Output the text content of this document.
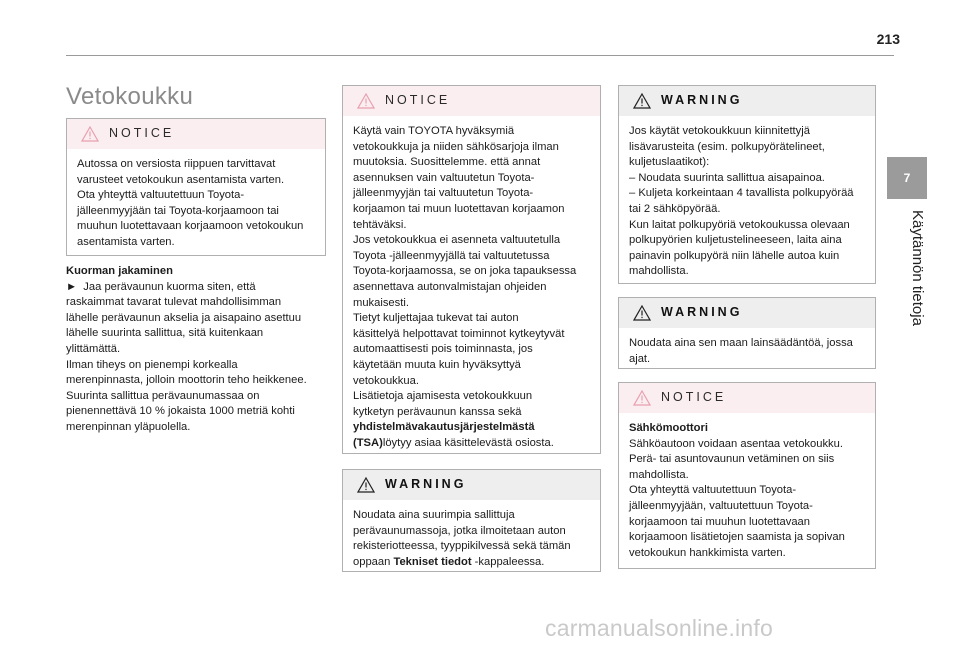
213
7
Käytännön tietoja
Vetokoukku
NOTICE

Autossa on versiosta riippuen tarvittavat

varusteet vetokoukun asentamista varten.

Ota yhteyttä valtuutettuun Toyota-

jälleenmyyjään tai Toyota-korjaamoon tai

muuhun luotettavaan korjaamoon vetokoukun

asentamista varten.

Kuorman jakaminen

► Jaa perävaunun kuorma siten, että

raskaimmat tavarat tulevat mahdollisimman

lähelle perävaunun akselia ja aisapaino asettuu

lähelle suurinta sallittua, sitä kuitenkaan

ylittämättä.

Ilman tiheys on pienempi korkealla

merenpinnastа, jolloin moottorin teho heikkenee.

Suurinta sallittua perävaunumassaa on

pienennettävä 10 % jokaista 1000 metriä kohti

merenpinnan yläpuolella.

NOTICE

Käytä vain TOYOTA hyväksymiä

vetokoukkuja ja niiden sähkösarjoja ilman

muutoksia. Suosittelemme. että annat

asennuksen vain valtuutetun Toyota-

jälleenmyyjän tai valtuutetun Toyota-

korjaamon tai muun luotettavan korjaamon

tehtäväksi.

Jos vetokoukkua ei asenneta valtuutetulla

Toyota -jälleenmyyjällä tai valtuutetussa

Toyota-korjaamossa, se on joka tapauksessa

asennettava autonvalmistajan ohjeiden

mukaisesti.

Tietyt kuljettajaa tukevat tai auton

käsittelyä helpottavat toiminnot kytkeytyvät

automaattisesti pois toiminnasta, jos

käytetään muuta kuin hyväksyttyä

vetokoukkua.

Lisätietoja ajamisesta vetokoukkuun

kytketyn perävaunun kanssa sekä

yhdistelmävakautusjärjestelmästä

(TSA)löytyy asiaa käsittelevästä osiosta.

WARNING

Noudata aina suurimpia sallittuja

perävaunumassoja, jotka ilmoitetaan auton

rekisteriotteessa, tyyppikilvessä sekä tämän

oppaan Tekniset tiedot -kappaleessa.

WARNING

Jos käytät vetokoukkuun kiinnitettyjä

lisävarusteita (esim. polkupyörätelineet,

kuljetuslaatikot):

– Noudata suurinta sallittua aisapainoa.

– Kuljeta korkeintaan 4 tavallista polkupyörää

tai 2 sähköpyörää.

Kun laitat polkupyöriä vetokoukussa olevaan

polkupyörien kuljetustelineeseen, laita aina

painavin polkupyörä niin lähelle autoa kuin

mahdollista.

WARNING

Noudata aina sen maan lainsäädäntöä, jossa

ajat.

NOTICE

Sähkömoottori

Sähköautoon voidaan asentaa vetokoukku.

Perä- tai asuntovaunun vetäminen on siis

mahdollista.

Ota yhteyttä valtuutettuun Toyota-

jälleenmyyjään, valtuutettuun Toyota-

korjaamoon tai muuhun luotettavaan

korjaamoon lisätietojen saamista ja sopivan

vetokoukun hankkimista varten.

carmanualsonline.info
